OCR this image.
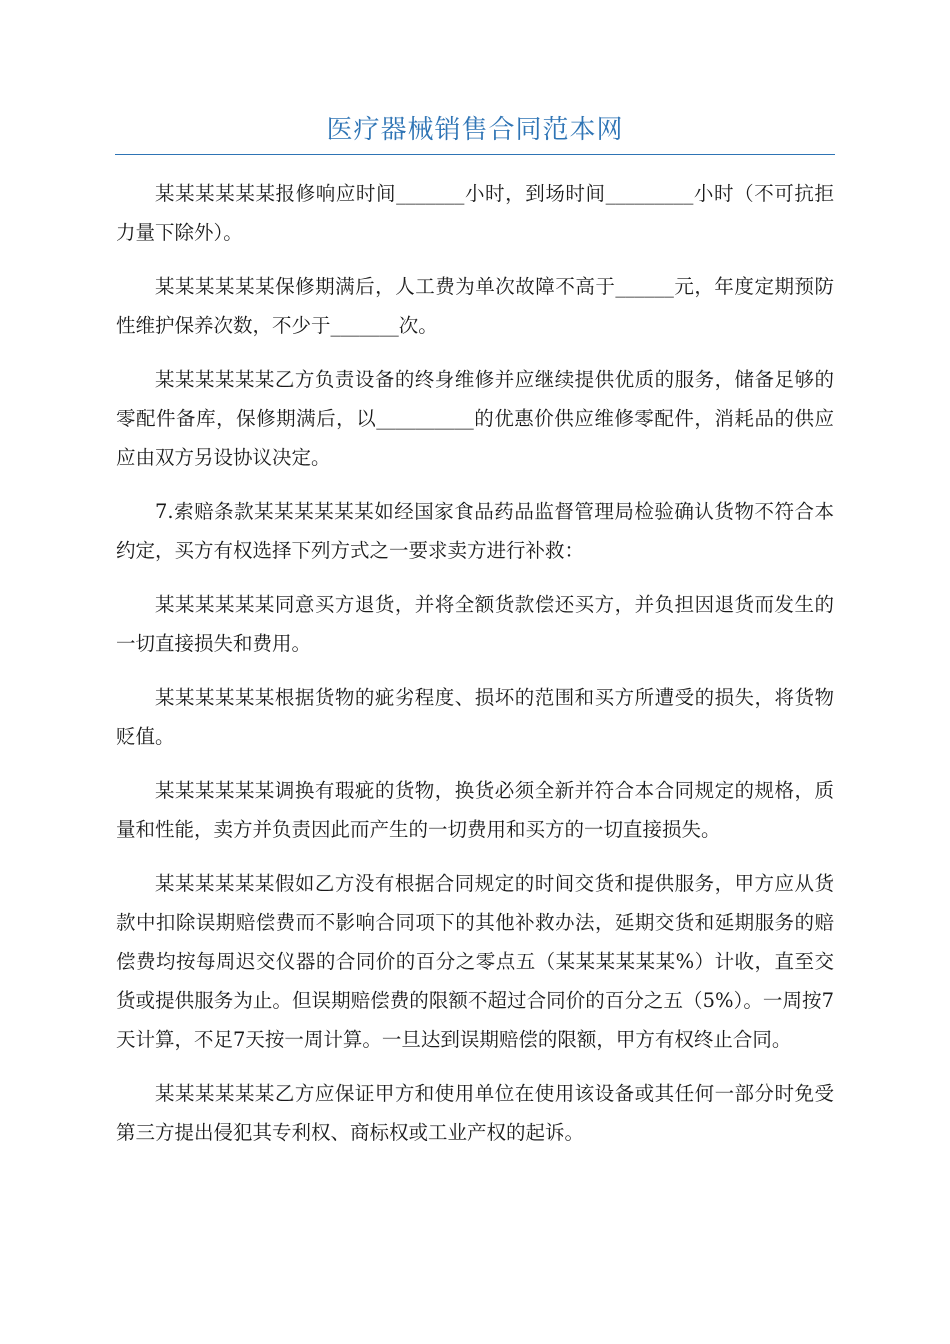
医疗器械销售合同范本网

某某某某某某报修响应时间_______小时，到场时间_________小时（不可抗拒力量下除外）。

某某某某某某保修期满后，人工费为单次故障不高于______元，年度定期预防性维护保养次数，不少于_______次。

某某某某某某乙方负责设备的终身维修并应继续提供优质的服务，储备足够的零配件备库，保修期满后，以__________的优惠价供应维修零配件，消耗品的供应应由双方另设协议决定。

7.索赔条款某某某某某某如经国家食品药品监督管理局检验确认货物不符合本约定，买方有权选择下列方式之一要求卖方进行补救：

某某某某某某同意买方退货，并将全额货款偿还买方，并负担因退货而发生的一切直接损失和费用。

某某某某某某根据货物的疵劣程度、损坏的范围和买方所遭受的损失，将货物贬值。

某某某某某某调换有瑕疵的货物，换货必须全新并符合本合同规定的规格，质量和性能，卖方并负责因此而产生的一切费用和买方的一切直接损失。

某某某某某某假如乙方没有根据合同规定的时间交货和提供服务，甲方应从货款中扣除误期赔偿费而不影响合同项下的其他补救办法，延期交货和延期服务的赔偿费均按每周迟交仪器的合同价的百分之零点五（某某某某某某%）计收，直至交货或提供服务为止。但误期赔偿费的限额不超过合同价的百分之五（5%）。一周按7天计算，不足7天按一周计算。一旦达到误期赔偿的限额，甲方有权终止合同。

某某某某某某乙方应保证甲方和使用单位在使用该设备或其任何一部分时免受第三方提出侵犯其专利权、商标权或工业产权的起诉。
